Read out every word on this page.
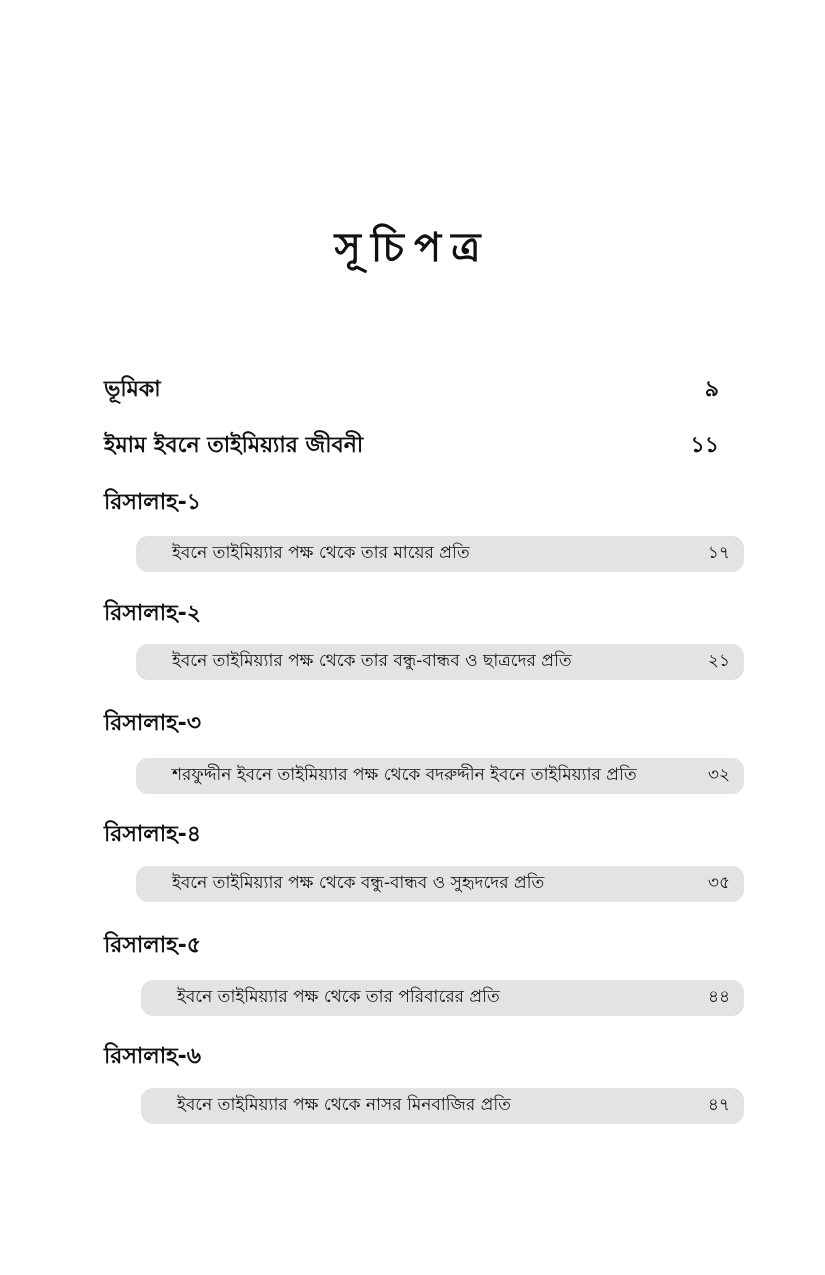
সূচিপত্র
ভূমিকা	৯
ইমাম ইবনে তাইমিয়্যার জীবনী	১১
রিসালাহ-১
ইবনে তাইমিয়্যার পক্ষ থেকে তার মায়ের প্রতি	১৭
রিসালাহ-২
ইবনে তাইমিয়্যার পক্ষ থেকে তার বন্ধু-বান্ধব ও ছাত্রদের প্রতি	২১
রিসালাহ-৩
শরফুদ্দীন ইবনে তাইমিয়্যার পক্ষ থেকে বদরুদ্দীন ইবনে তাইমিয়্যার প্রতি	৩২
রিসালাহ-৪
ইবনে তাইমিয়্যার পক্ষ থেকে বন্ধু-বান্ধব ও সুহৃদদের প্রতি	৩৫
রিসালাহ-৫
ইবনে তাইমিয়্যার পক্ষ থেকে তার পরিবারের প্রতি	৪৪
রিসালাহ-৬
ইবনে তাইমিয়্যার পক্ষ থেকে নাসর মিনবাজির প্রতি	৪৭
